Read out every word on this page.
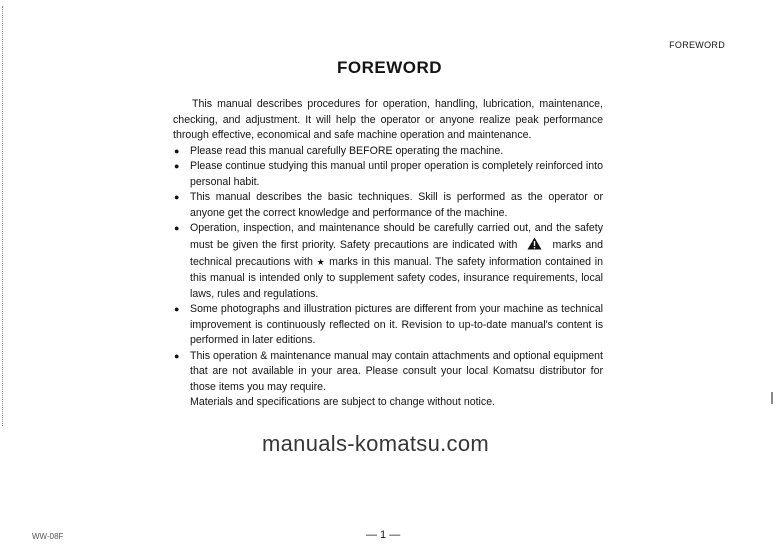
FOREWORD
FOREWORD

This manual describes procedures for operation, handling, lubrication, maintenance, checking, and adjustment. It will help the operator or anyone realize peak performance through effective, economical and safe machine operation and maintenance.

● Please read this manual carefully BEFORE operating the machine.
● Please continue studying this manual until proper operation is completely reinforced into personal habit.
● This manual describes the basic techniques. Skill is performed as the operator or anyone get the correct knowledge and performance of the machine.
● Operation, inspection, and maintenance should be carefully carried out, and the safety must be given the first priority. Safety precautions are indicated with	marks and technical precautions with ★ marks in this manual. The safety information contained in this manual is intended only to supplement safety codes, insurance requirements, local laws, rules and regulations.
● Some photographs and illustration pictures are different from your machine as technical improvement is continuously reflected on it. Revision to up-to-date manual's content is performed in later editions.
● This operation & maintenance manual may contain attachments and optional equipment that are not available in your area. Please consult your local Komatsu distributor for those items you may require.

Materials and specifications are subject to change without notice.

manuals-komatsu.com
WW-08F	— 1 —
